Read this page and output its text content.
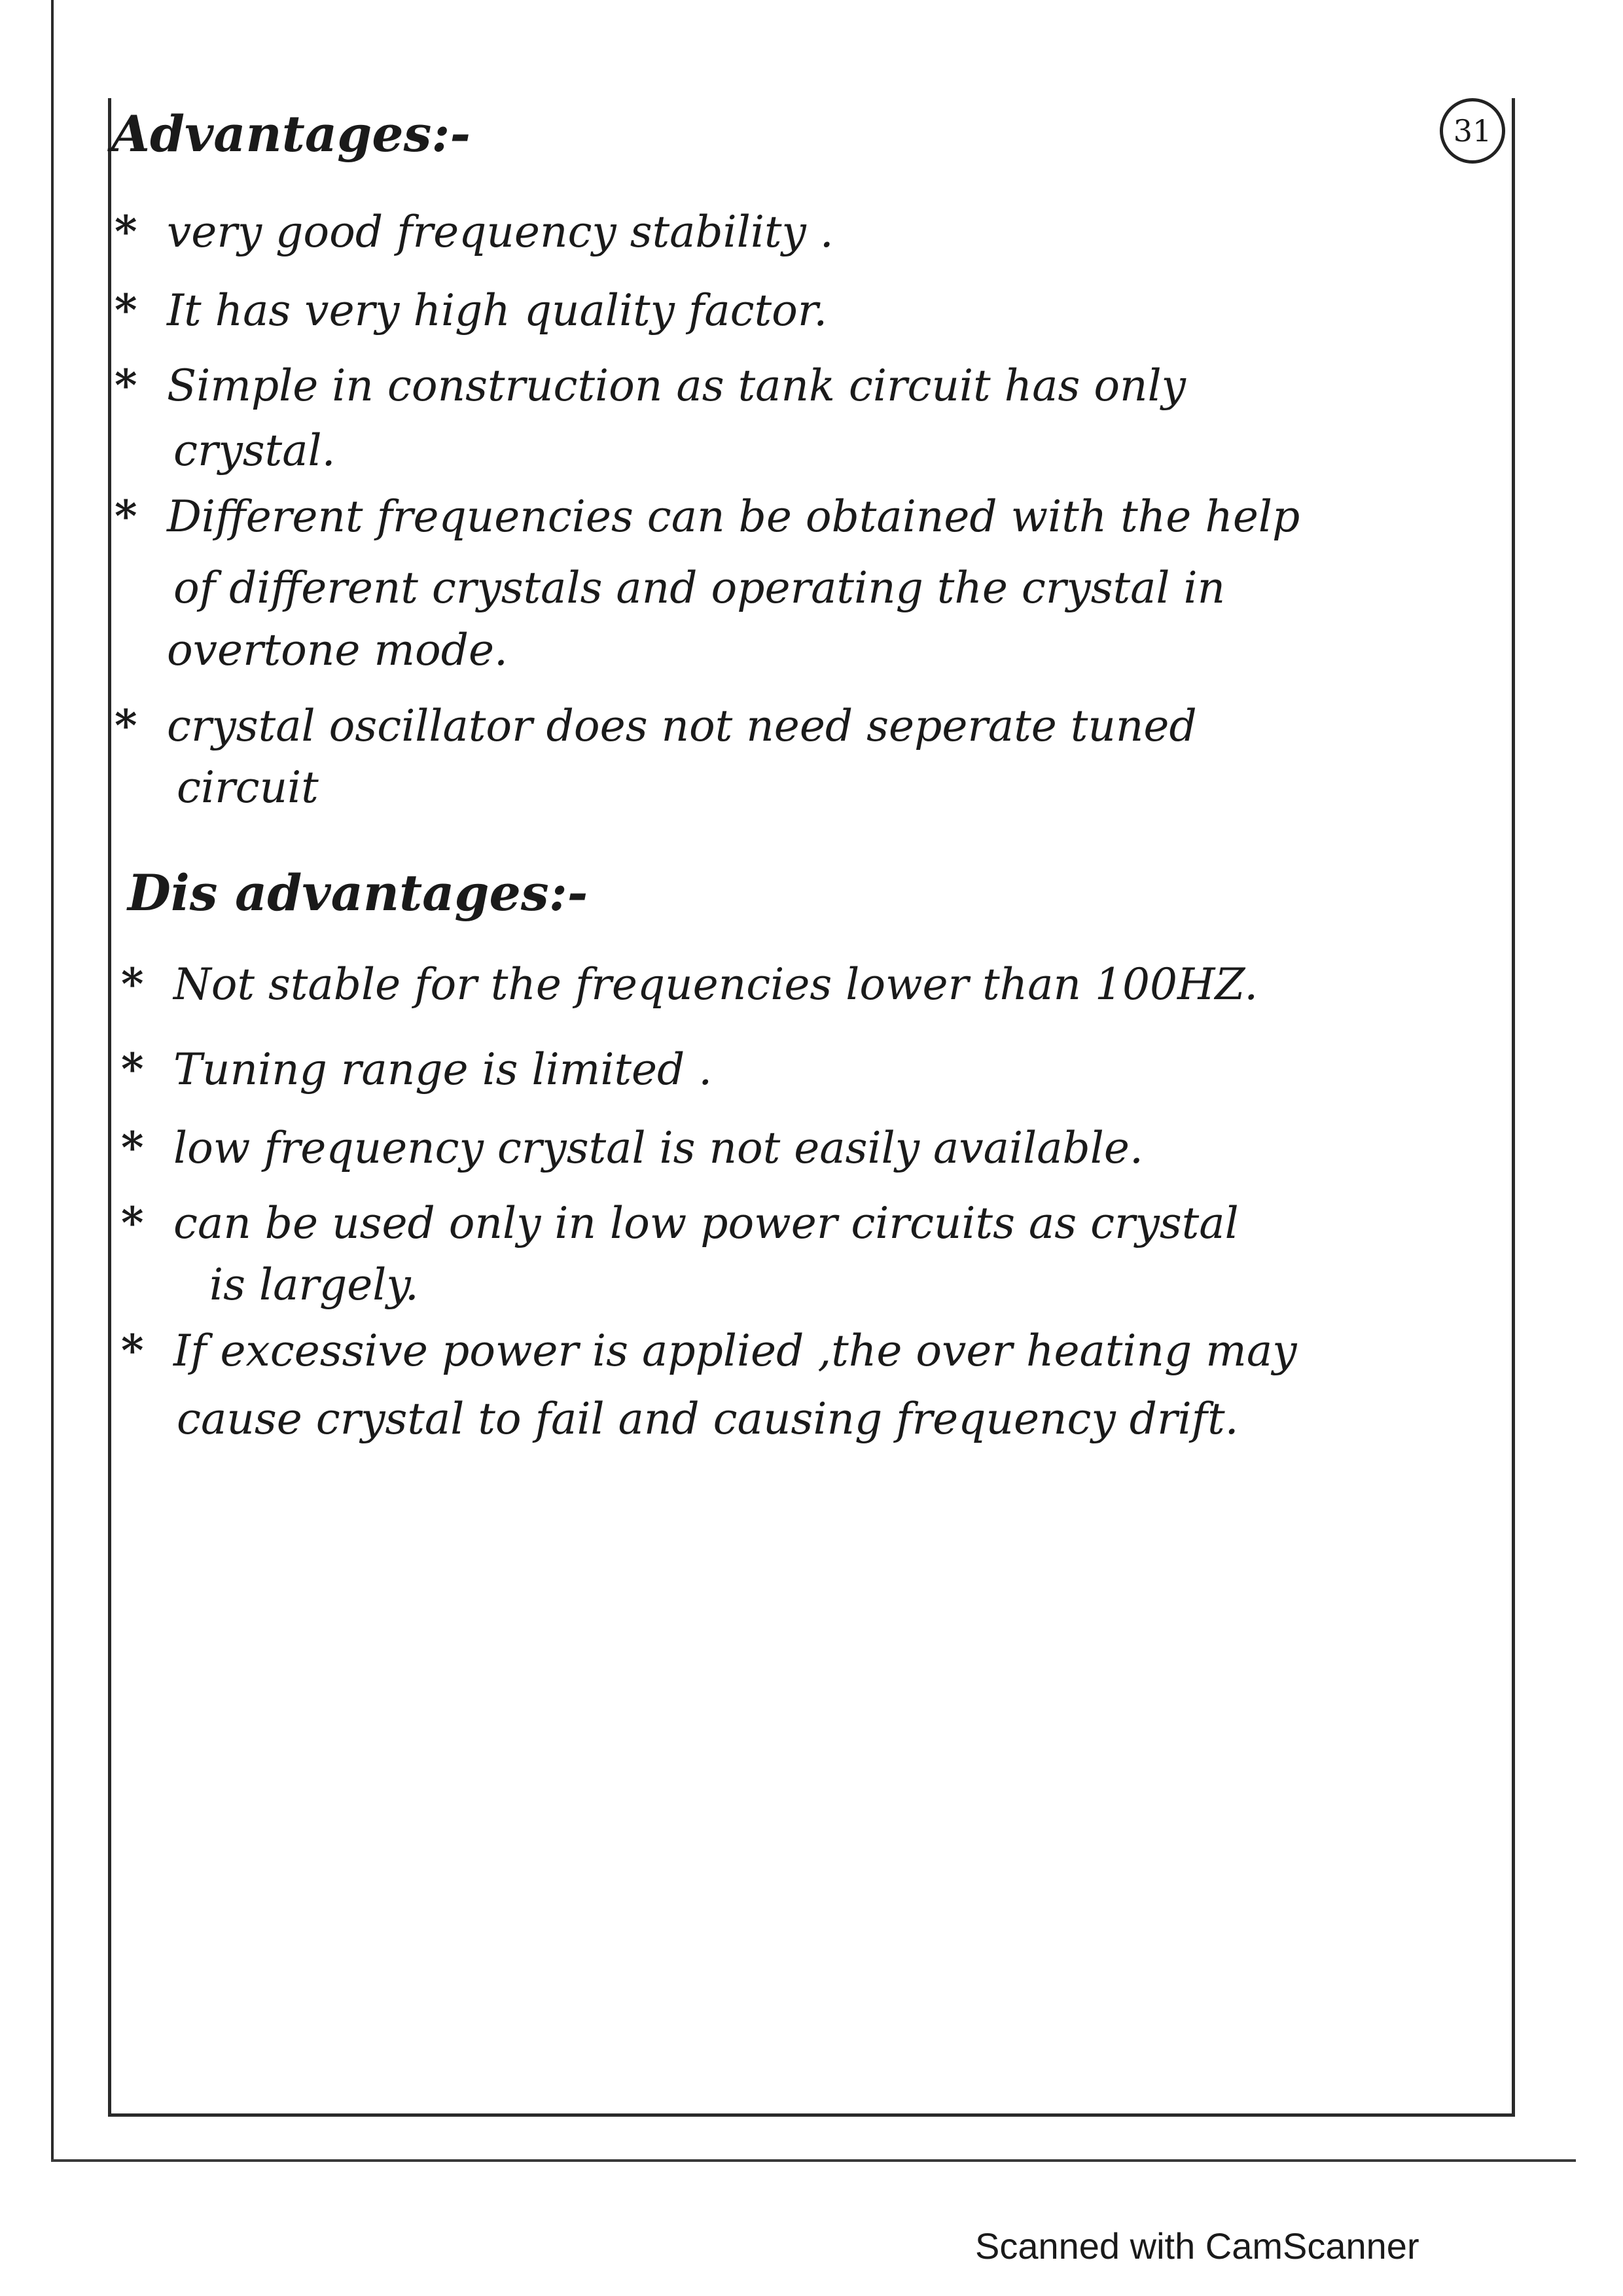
31
Advantages:-
* very good frequency stability .
* It has very high quality factor.
* Simple in construction as tank circuit has only
crystal.
* Different frequencies can be obtained with the help
of different crystals and operating the crystal in
overtone mode.
* crystal oscillator does not need seperate tuned
circuit
Dis advantages:-
* Not stable for the frequencies lower than 100HZ.
* Tuning range is limited .
* low frequency crystal is not easily available.
* can be used only in low power circuits as crystal
is largely.
* If excessive power is applied ,the over heating may
cause crystal to fail and causing frequency drift.
Scanned with CamScanner
